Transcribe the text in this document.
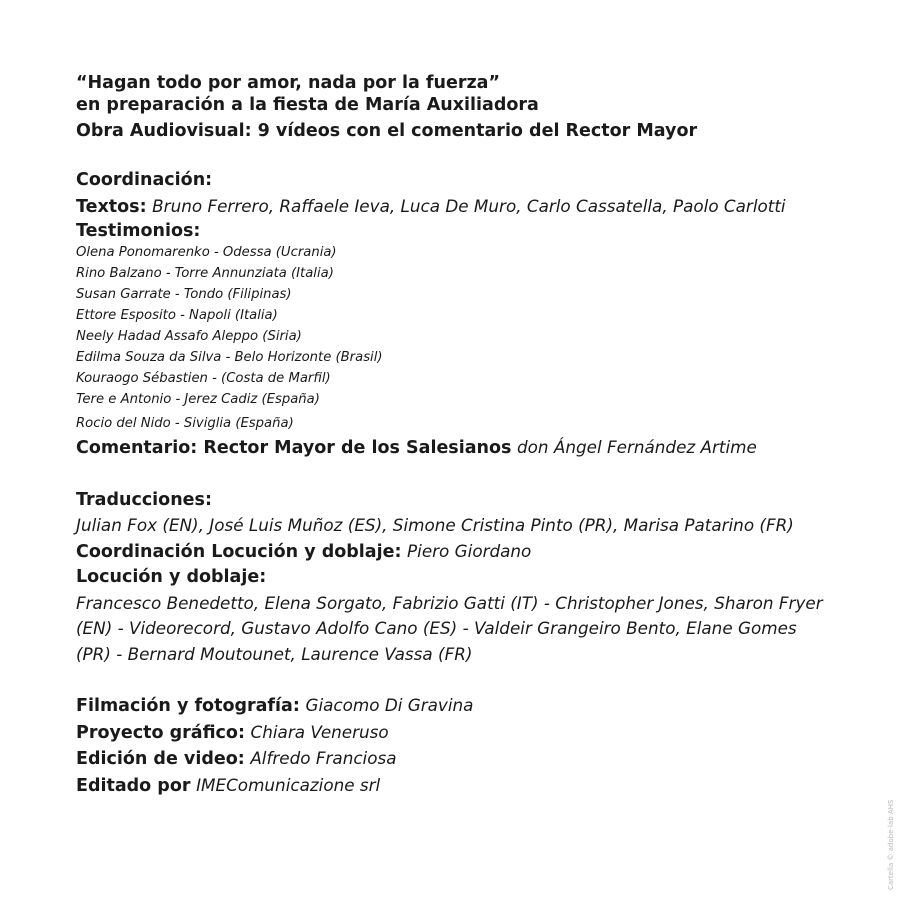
“Hagan todo por amor, nada por la fuerza”
en preparación a la fiesta de María Auxiliadora
Obra Audiovisual: 9 vídeos con el comentario del Rector Mayor
Coordinación:
Textos: Bruno Ferrero, Raffaele Ieva, Luca De Muro, Carlo Cassatella, Paolo Carlotti
Testimonios:
Olena Ponomarenko - Odessa (Ucrania)
Rino Balzano - Torre Annunziata (Italia)
Susan Garrate - Tondo (Filipinas)
Ettore Esposito - Napoli (Italia)
Neely Hadad Assafo Aleppo (Siria)
Edilma Souza da Silva - Belo Horizonte (Brasil)
Kouraogo Sébastien - (Costa de Marfil)
Tere e Antonio - Jerez Cadiz (España)
Rocio del Nido - Siviglia (España)
Comentario: Rector Mayor de los Salesianos don Ángel Fernández Artime
Traducciones:
Julian Fox (EN), José Luis Muñoz (ES), Simone Cristina Pinto (PR), Marisa Patarino (FR)
Coordinación Locución y doblaje: Piero Giordano
Locución y doblaje:
Francesco Benedetto, Elena Sorgato, Fabrizio Gatti (IT) - Christopher Jones, Sharon Fryer (EN) - Videorecord, Gustavo Adolfo Cano (ES) - Valdeir Grangeiro Bento, Elane Gomes (PR) - Bernard Moutounet, Laurence Vassa (FR)
Filmación y fotografía: Giacomo Di Gravina
Proyecto gráfico: Chiara Veneruso
Edición de video: Alfredo Franciosa
Editado por IMEComunicazione srl
Cartella © adobe-lab AHS
